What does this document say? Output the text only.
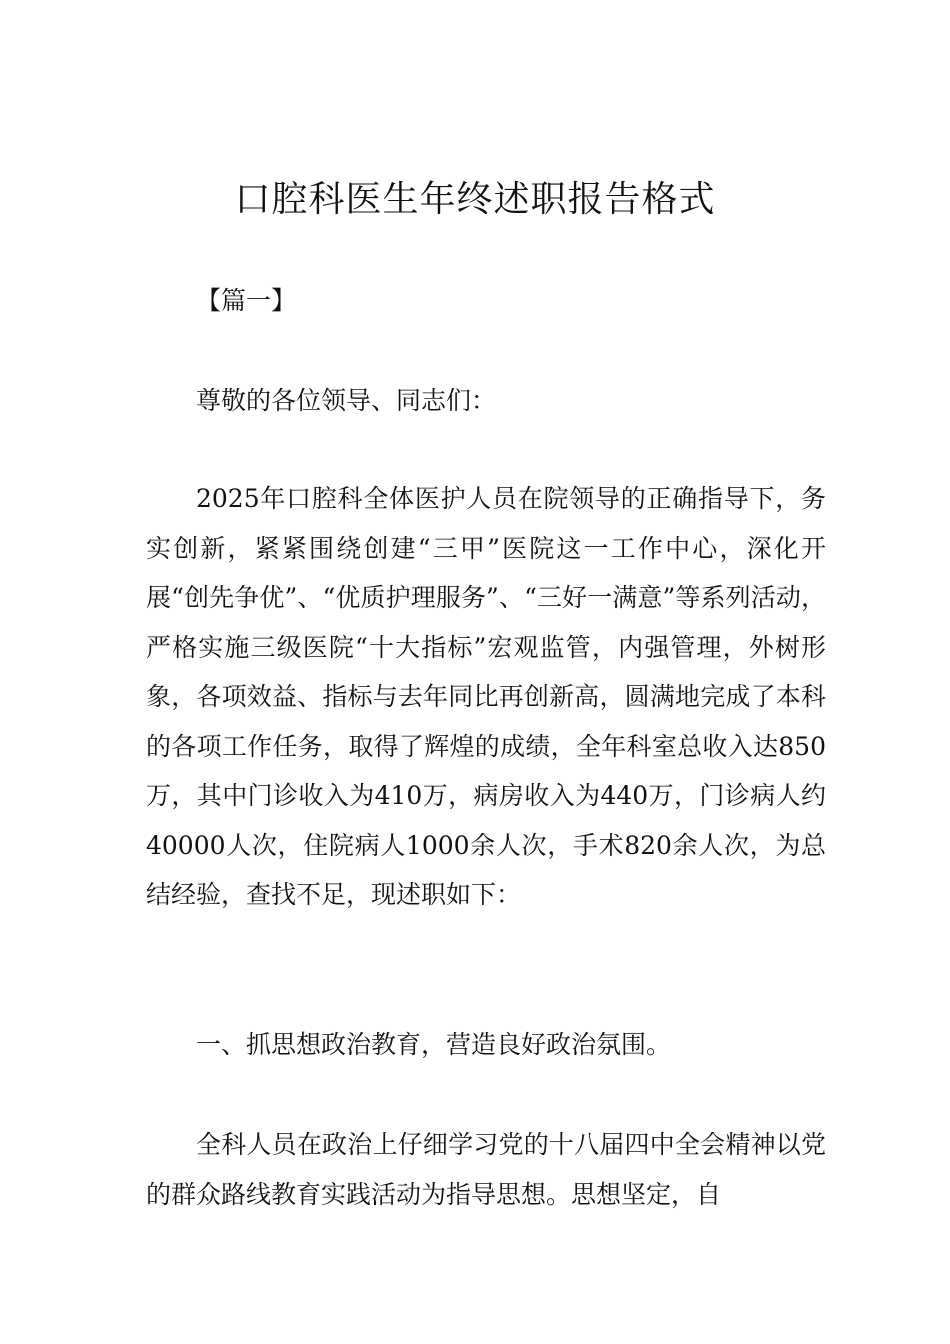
口腔科医生年终述职报告格式

【篇一】

尊敬的各位领导、同志们：

2025年口腔科全体医护人员在院领导的正确指导下，务实创新，紧紧围绕创建“三甲”医院这一工作中心，深化开展“创先争优”、“优质护理服务”、“三好一满意”等系列活动，严格实施三级医院“十大指标”宏观监管，内强管理，外树形象，各项效益、指标与去年同比再创新高，圆满地完成了本科的各项工作任务，取得了辉煌的成绩，全年科室总收入达850万，其中门诊收入为410万，病房收入为440万，门诊病人约40000人次，住院病人1000余人次，手术820余人次，为总结经验，查找不足，现述职如下：

一、抓思想政治教育，营造良好政治氛围。

全科人员在政治上仔细学习党的十八届四中全会精神以党的群众路线教育实践活动为指导思想。思想坚定，自
